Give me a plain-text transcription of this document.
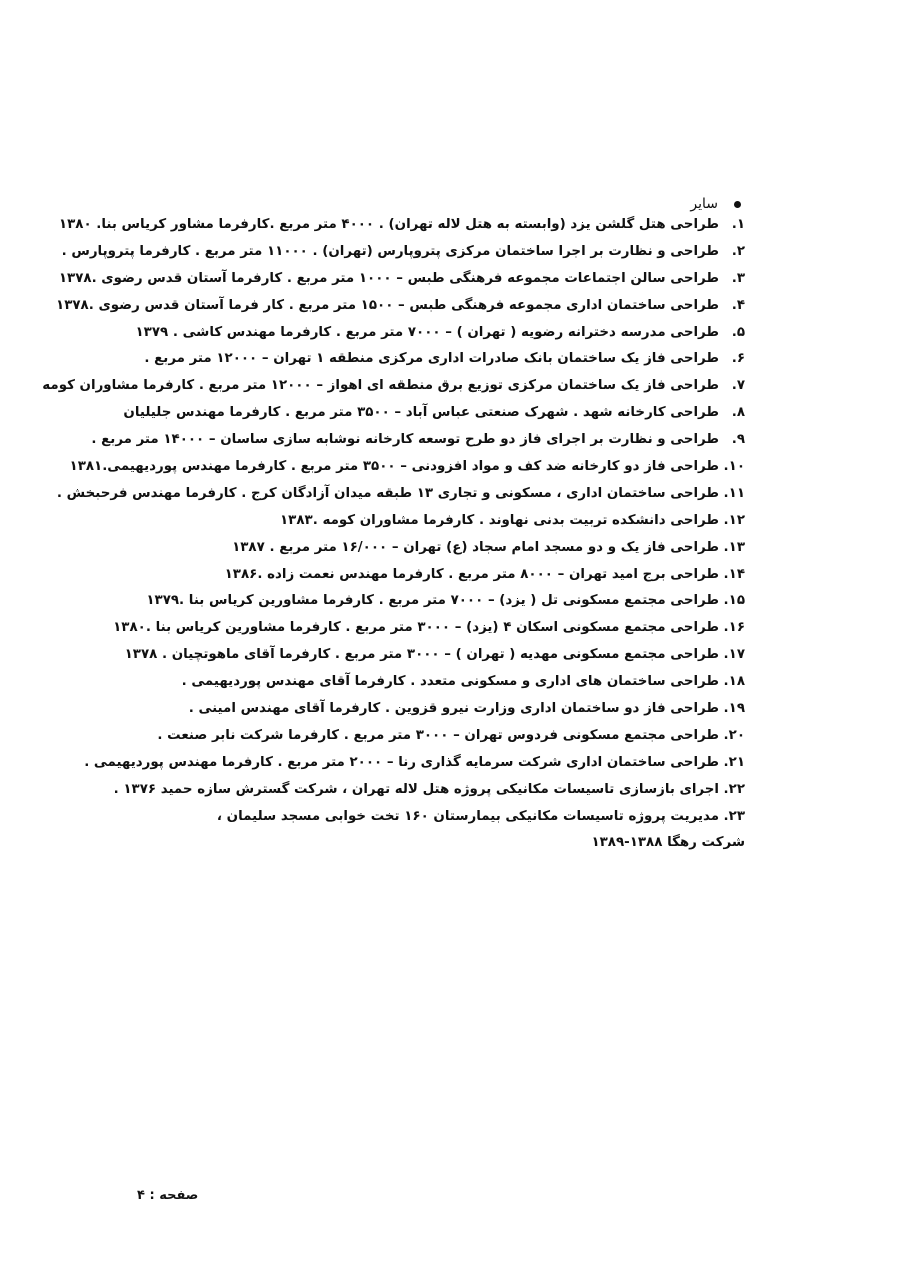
سایر
۱.
طراحی هتل گلشن یزد (وابسته به هتل لاله تهران) . ۴۰۰۰ متر مربع .کارفرما مشاور کریاس بنا. ۱۳۸۰
۲.
طراحی و نظارت بر اجرا ساختمان مرکزی پتروپارس (تهران) . ۱۱۰۰۰ متر مربع . کارفرما پتروپارس .
۳.
طراحی سالن اجتماعات مجموعه فرهنگی طبس – ۱۰۰۰ متر مربع . کارفرما آستان قدس رضوی .۱۳۷۸
۴.
طراحی ساختمان اداری مجموعه فرهنگی طبس – ۱۵۰۰ متر مربع . کار فرما آستان قدس رضوی .۱۳۷۸
۵.
طراحی مدرسه دخترانه رضویه ( تهران ) – ۷۰۰۰ متر مربع . کارفرما مهندس کاشی . ۱۳۷۹
۶.
طراحی فاز یک ساختمان بانک صادرات اداری مرکزی منطقه ۱ تهران – ۱۲۰۰۰ متر مربع .
۷.
طراحی فاز یک ساختمان مرکزی توزیع برق منطقه ای اهواز – ۱۲۰۰۰ متر مربع . کارفرما مشاوران کومه
۸.
طراحی کارخانه شهد . شهرک صنعتی عباس آباد – ۳۵۰۰ متر مربع . کارفرما مهندس جلیلیان
۹.
طراحی و نظارت بر اجرای فاز دو طرح توسعه کارخانه نوشابه سازی ساسان – ۱۴۰۰۰ متر مربع .
۱۰.
طراحی فاز دو کارخانه ضد کف و مواد افزودنی – ۳۵۰۰ متر مربع . کارفرما مهندس پوردیهیمی.۱۳۸۱
۱۱.
طراحی ساختمان اداری ، مسکونی و تجاری ۱۳ طبقه میدان آزادگان کرج . کارفرما مهندس فرحبخش .
۱۲.
طراحی دانشکده تربیت بدنی نهاوند . کارفرما مشاوران کومه .۱۳۸۳
۱۳.
طراحی فاز یک و دو مسجد امام سجاد (ع) تهران – ۱۶/۰۰۰ متر مربع . ۱۳۸۷
۱۴.
طراحی برج امید تهران – ۸۰۰۰ متر مربع . کارفرما مهندس نعمت زاده .۱۳۸۶
۱۵.
طراحی مجتمع مسکونی تل ( یزد) – ۷۰۰۰ متر مربع . کارفرما مشاورین کریاس بنا .۱۳۷۹
۱۶.
طراحی مجتمع مسکونی اسکان ۴ (یزد) – ۳۰۰۰ متر مربع . کارفرما مشاورین کریاس بنا .۱۳۸۰
۱۷.
طراحی مجتمع مسکونی مهدیه ( تهران ) – ۳۰۰۰ متر مربع . کارفرما آقای ماهوتچیان . ۱۳۷۸
۱۸.
طراحی ساختمان های اداری و مسکونی متعدد . کارفرما آقای مهندس پوردیهیمی .
۱۹.
طراحی فاز دو ساختمان اداری وزارت نیرو قزوین . کارفرما آقای مهندس امینی .
۲۰.
طراحی مجتمع مسکونی فردوس تهران – ۳۰۰۰ متر مربع . کارفرما شرکت نابر صنعت .
۲۱.
طراحی ساختمان اداری شرکت سرمایه گذاری رنا – ۲۰۰۰ متر مربع . کارفرما مهندس پوردیهیمی .
۲۲.
اجرای بازسازی تاسیسات مکانیکی پروژه هتل لاله تهران ، شرکت گسترش سازه حمید ۱۳۷۶ .
۲۳.
مدیریت پروژه تاسیسات مکانیکی بیمارستان ۱۶۰ تخت خوابی مسجد سلیمان ،
شرکت رهگا ۱۳۸۸-۱۳۸۹
صفحه : ۴
